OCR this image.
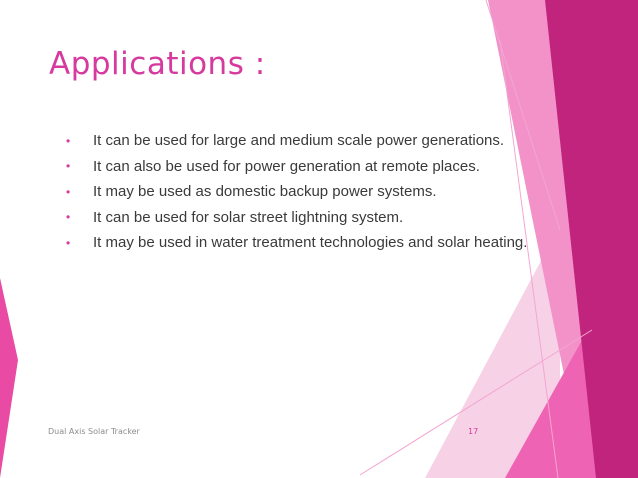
Applications :
•	It can be used for large and medium scale power generations.
•	It can also be used for power generation at remote places.
•	It may be used as domestic backup power systems.
•	It can be used for solar street lightning system.
•	It may be used in water treatment technologies and solar heating.
Dual Axis Solar Tracker	17
